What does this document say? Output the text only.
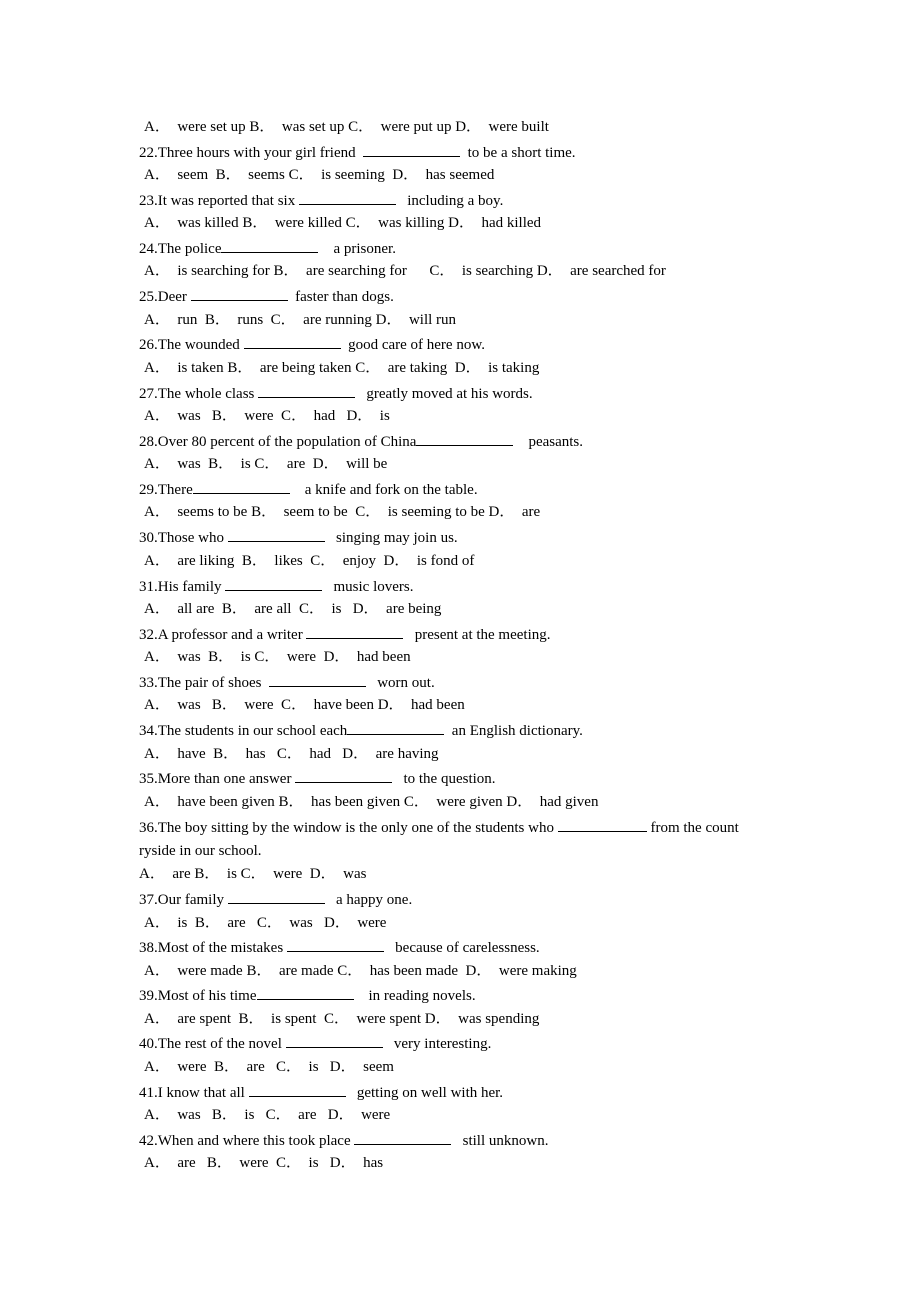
A．  were set up B．  was set up C．  were put up D．  were built
22.Three hours with your girl friend	to be a short time.
A．  seem  B．  seems C．  is seeming  D．  has seemed
23.It was reported that six	including a boy.
A．  was killed B．  were killed C．  was killing D．  had killed
24.The police	a prisoner.
A．  is searching for B．  are searching for      C．  is searching D．  are searched for
25.Deer	faster than dogs.
A．  run  B．  runs  C．  are running D．  will run
26.The wounded	good care of here now.
A．  is taken B．  are being taken C．  are taking  D．  is taking
27.The whole class	greatly moved at his words.
A．  was   B．  were  C．  had   D．  is
28.Over 80 percent of the population of China	peasants.
A．  was  B．  is C．  are  D．  will be
29.There	a knife and fork on the table.
A．  seems to be B．  seem to be  C．  is seeming to be D．  are
30.Those who	singing may join us.
A．  are liking  B．  likes  C．  enjoy  D．  is fond of
31.His family	music lovers.
A．  all are  B．  are all  C．  is   D．  are being
32.A professor and a writer	present at the meeting.
A．  was  B．  is C．  were  D．  had been
33.The pair of shoes	worn out.
A．  was   B．  were  C．  have been D．  had been
34.The students in our school each	an English dictionary.
A．  have  B．  has   C．  had   D．  are having
35.More than one answer	to the question.
A．  have been given B．  has been given C．  were given D．  had given
36.The boy sitting by the window is the only one of the students who	from the count
ryside in our school.
A．  are B．  is C．  were  D．  was
37.Our family	a happy one.
A．  is  B．  are   C．  was   D．  were
38.Most of the mistakes	because of carelessness.
A．  were made B．  are made C．  has been made  D．  were making
39.Most of his time	in reading novels.
A．  are spent  B．  is spent  C．  were spent D．  was spending
40.The rest of the novel	very interesting.
A．  were  B．  are   C．  is   D．  seem
41.I know that all	getting on well with her.
A．  was   B．  is   C．  are   D．  were
42.When and where this took place	still unknown.
A．  are   B．  were  C．  is   D．  has
